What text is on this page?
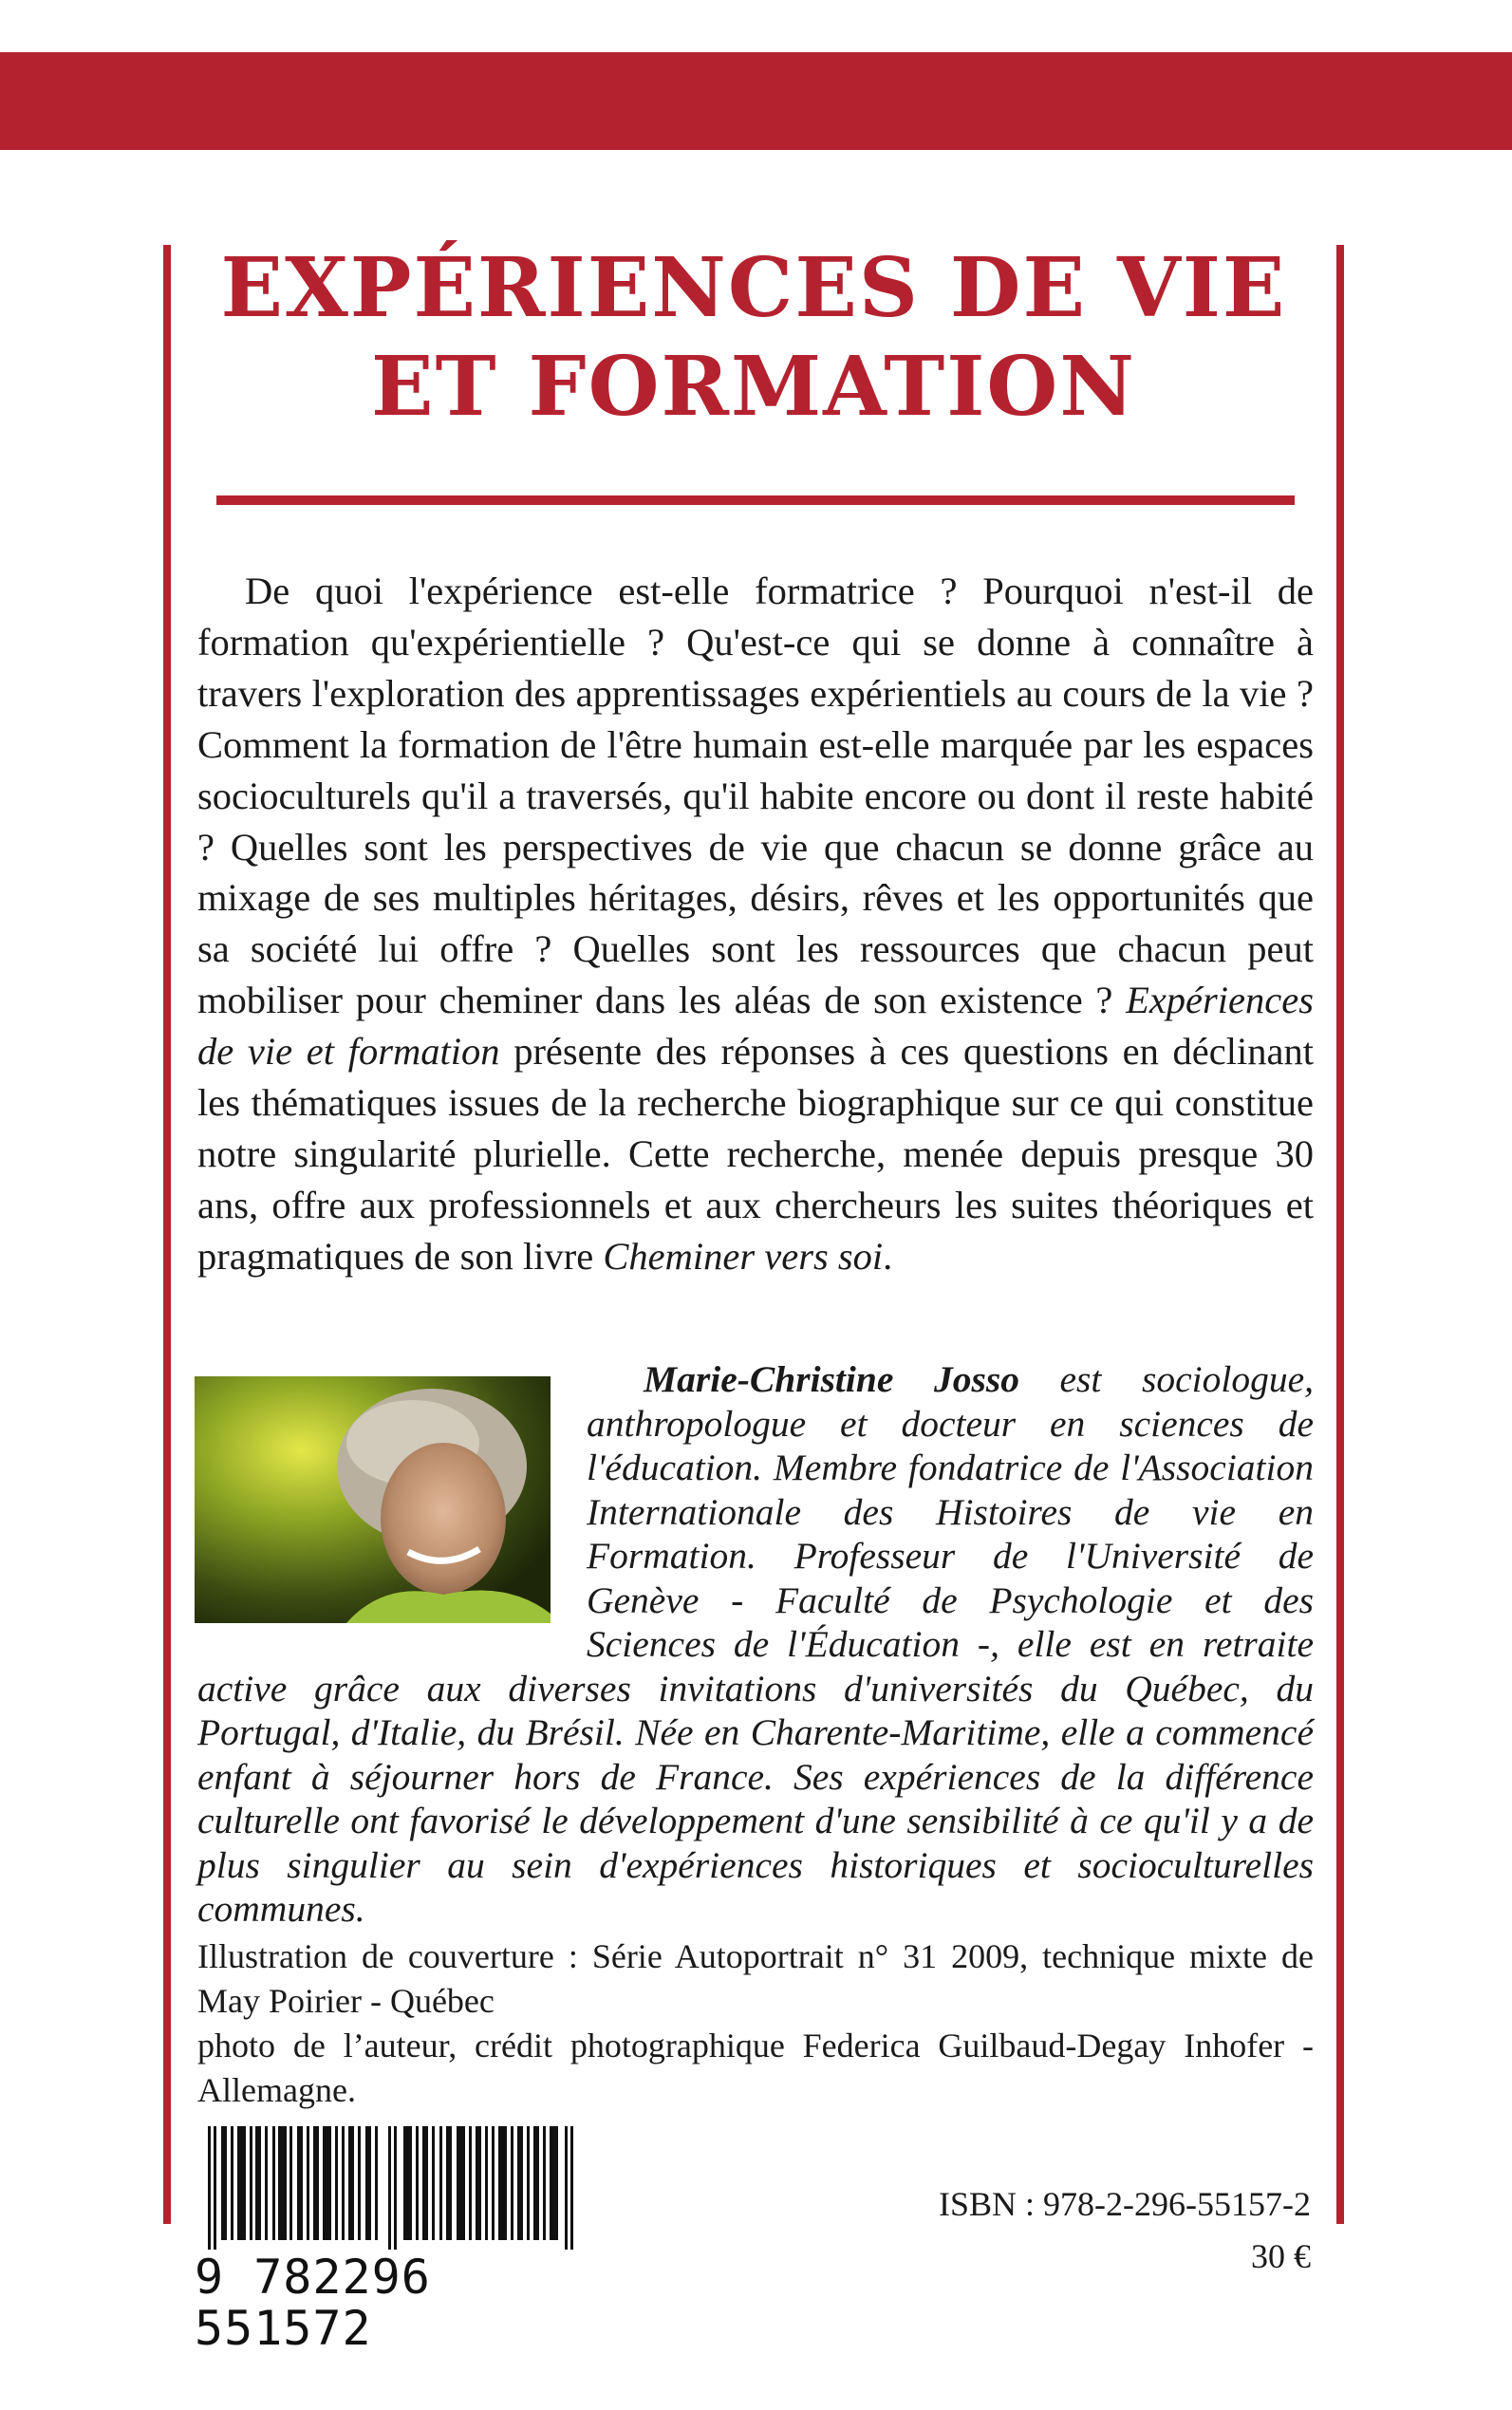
EXPÉRIENCES DE VIE
ET FORMATION

De quoi l'expérience est-elle formatrice ? Pourquoi n'est-il de formation qu'expérientielle ? Qu'est-ce qui se donne à connaître à travers l'exploration des apprentissages expérientiels au cours de la vie ? Comment la formation de l'être humain est-elle marquée par les espaces socioculturels qu'il a traversés, qu'il habite encore ou dont il reste habité ? Quelles sont les perspectives de vie que chacun se donne grâce au mixage de ses multiples héritages, désirs, rêves et les opportunités que sa société lui offre ? Quelles sont les ressources que chacun peut mobiliser pour cheminer dans les aléas de son existence ? Expériences de vie et formation présente des réponses à ces questions en déclinant les thématiques issues de la recherche biographique sur ce qui constitue notre singularité plurielle. Cette recherche, menée depuis presque 30 ans, offre aux professionnels et aux chercheurs les suites théoriques et pragmatiques de son livre Cheminer vers soi.

Marie-Christine Josso est sociologue, anthropologue et docteur en sciences de l'éducation. Membre fondatrice de l'Association Internationale des Histoires de vie en Formation. Professeur de l'Université de Genève - Faculté de Psychologie et des Sciences de l'Éducation -, elle est en retraite active grâce aux diverses invitations d'universités du Québec, du Portugal, d'Italie, du Brésil. Née en Charente-Maritime, elle a commencé enfant à séjourner hors de France. Ses expériences de la différence culturelle ont favorisé le développement d'une sensibilité à ce qu'il y a de plus singulier au sein d'expériences historiques et socioculturelles communes.

Illustration de couverture : Série Autoportrait n° 31 2009, technique mixte de May Poirier - Québec

photo de l’auteur, crédit photographique Federica Guilbaud-Degay Inhofer - Allemagne.

9 782296 551572

ISBN : 978-2-296-55157-2

30 €
